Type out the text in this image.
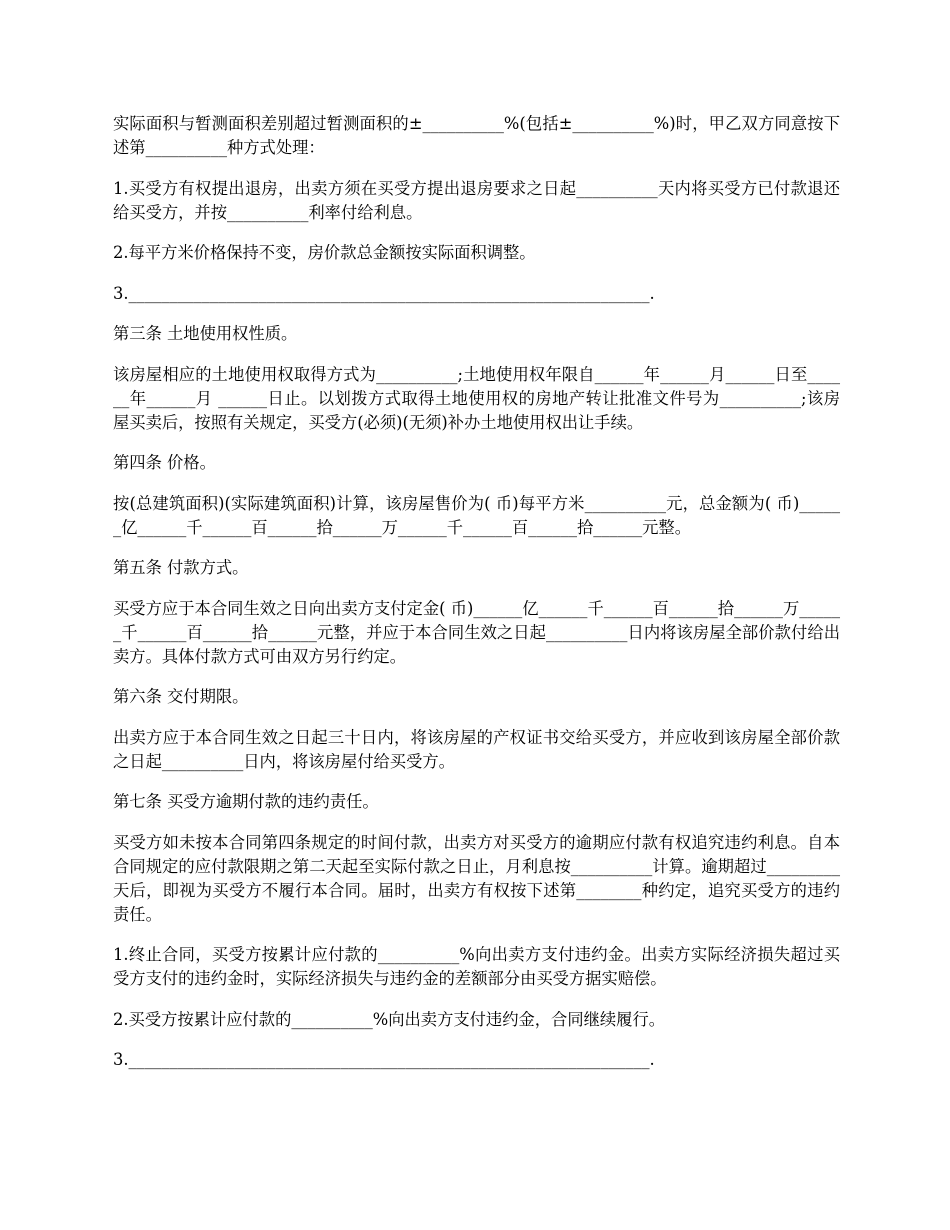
实际面积与暂测面积差别超过暂测面积的±__________%(包括±__________%)时，甲乙双方同意按下述第__________种方式处理：

1.买受方有权提出退房，出卖方须在买受方提出退房要求之日起__________天内将买受方已付款退还给买受方，并按__________利率付给利息。

2.每平方米价格保持不变，房价款总金额按实际面积调整。

3.________________________________________________________________.

第三条 土地使用权性质。

该房屋相应的土地使用权取得方式为__________;土地使用权年限自______年______月______日至______年______月 ______日止。以划拨方式取得土地使用权的房地产转让批准文件号为__________;该房屋买卖后，按照有关规定，买受方(必须)(无须)补办土地使用权出让手续。

第四条 价格。

按(总建筑面积)(实际建筑面积)计算，该房屋售价为( 币)每平方米__________元，总金额为( 币)______亿______千______百______拾______万______千______百______拾______元整。

第五条 付款方式。

买受方应于本合同生效之日向出卖方支付定金( 币)______亿______千______百______拾______万______千______百______拾______元整，并应于本合同生效之日起__________日内将该房屋全部价款付给出卖方。具体付款方式可由双方另行约定。

第六条 交付期限。

出卖方应于本合同生效之日起三十日内，将该房屋的产权证书交给买受方，并应收到该房屋全部价款之日起__________日内，将该房屋付给买受方。

第七条 买受方逾期付款的违约责任。

买受方如未按本合同第四条规定的时间付款，出卖方对买受方的逾期应付款有权追究违约利息。自本合同规定的应付款限期之第二天起至实际付款之日止，月利息按__________计算。逾期超过_________天后，即视为买受方不履行本合同。届时，出卖方有权按下述第________种约定，追究买受方的违约责任。

1.终止合同，买受方按累计应付款的__________%向出卖方支付违约金。出卖方实际经济损失超过买受方支付的违约金时，实际经济损失与违约金的差额部分由买受方据实赔偿。

2.买受方按累计应付款的__________%向出卖方支付违约金，合同继续履行。

3.________________________________________________________________.
